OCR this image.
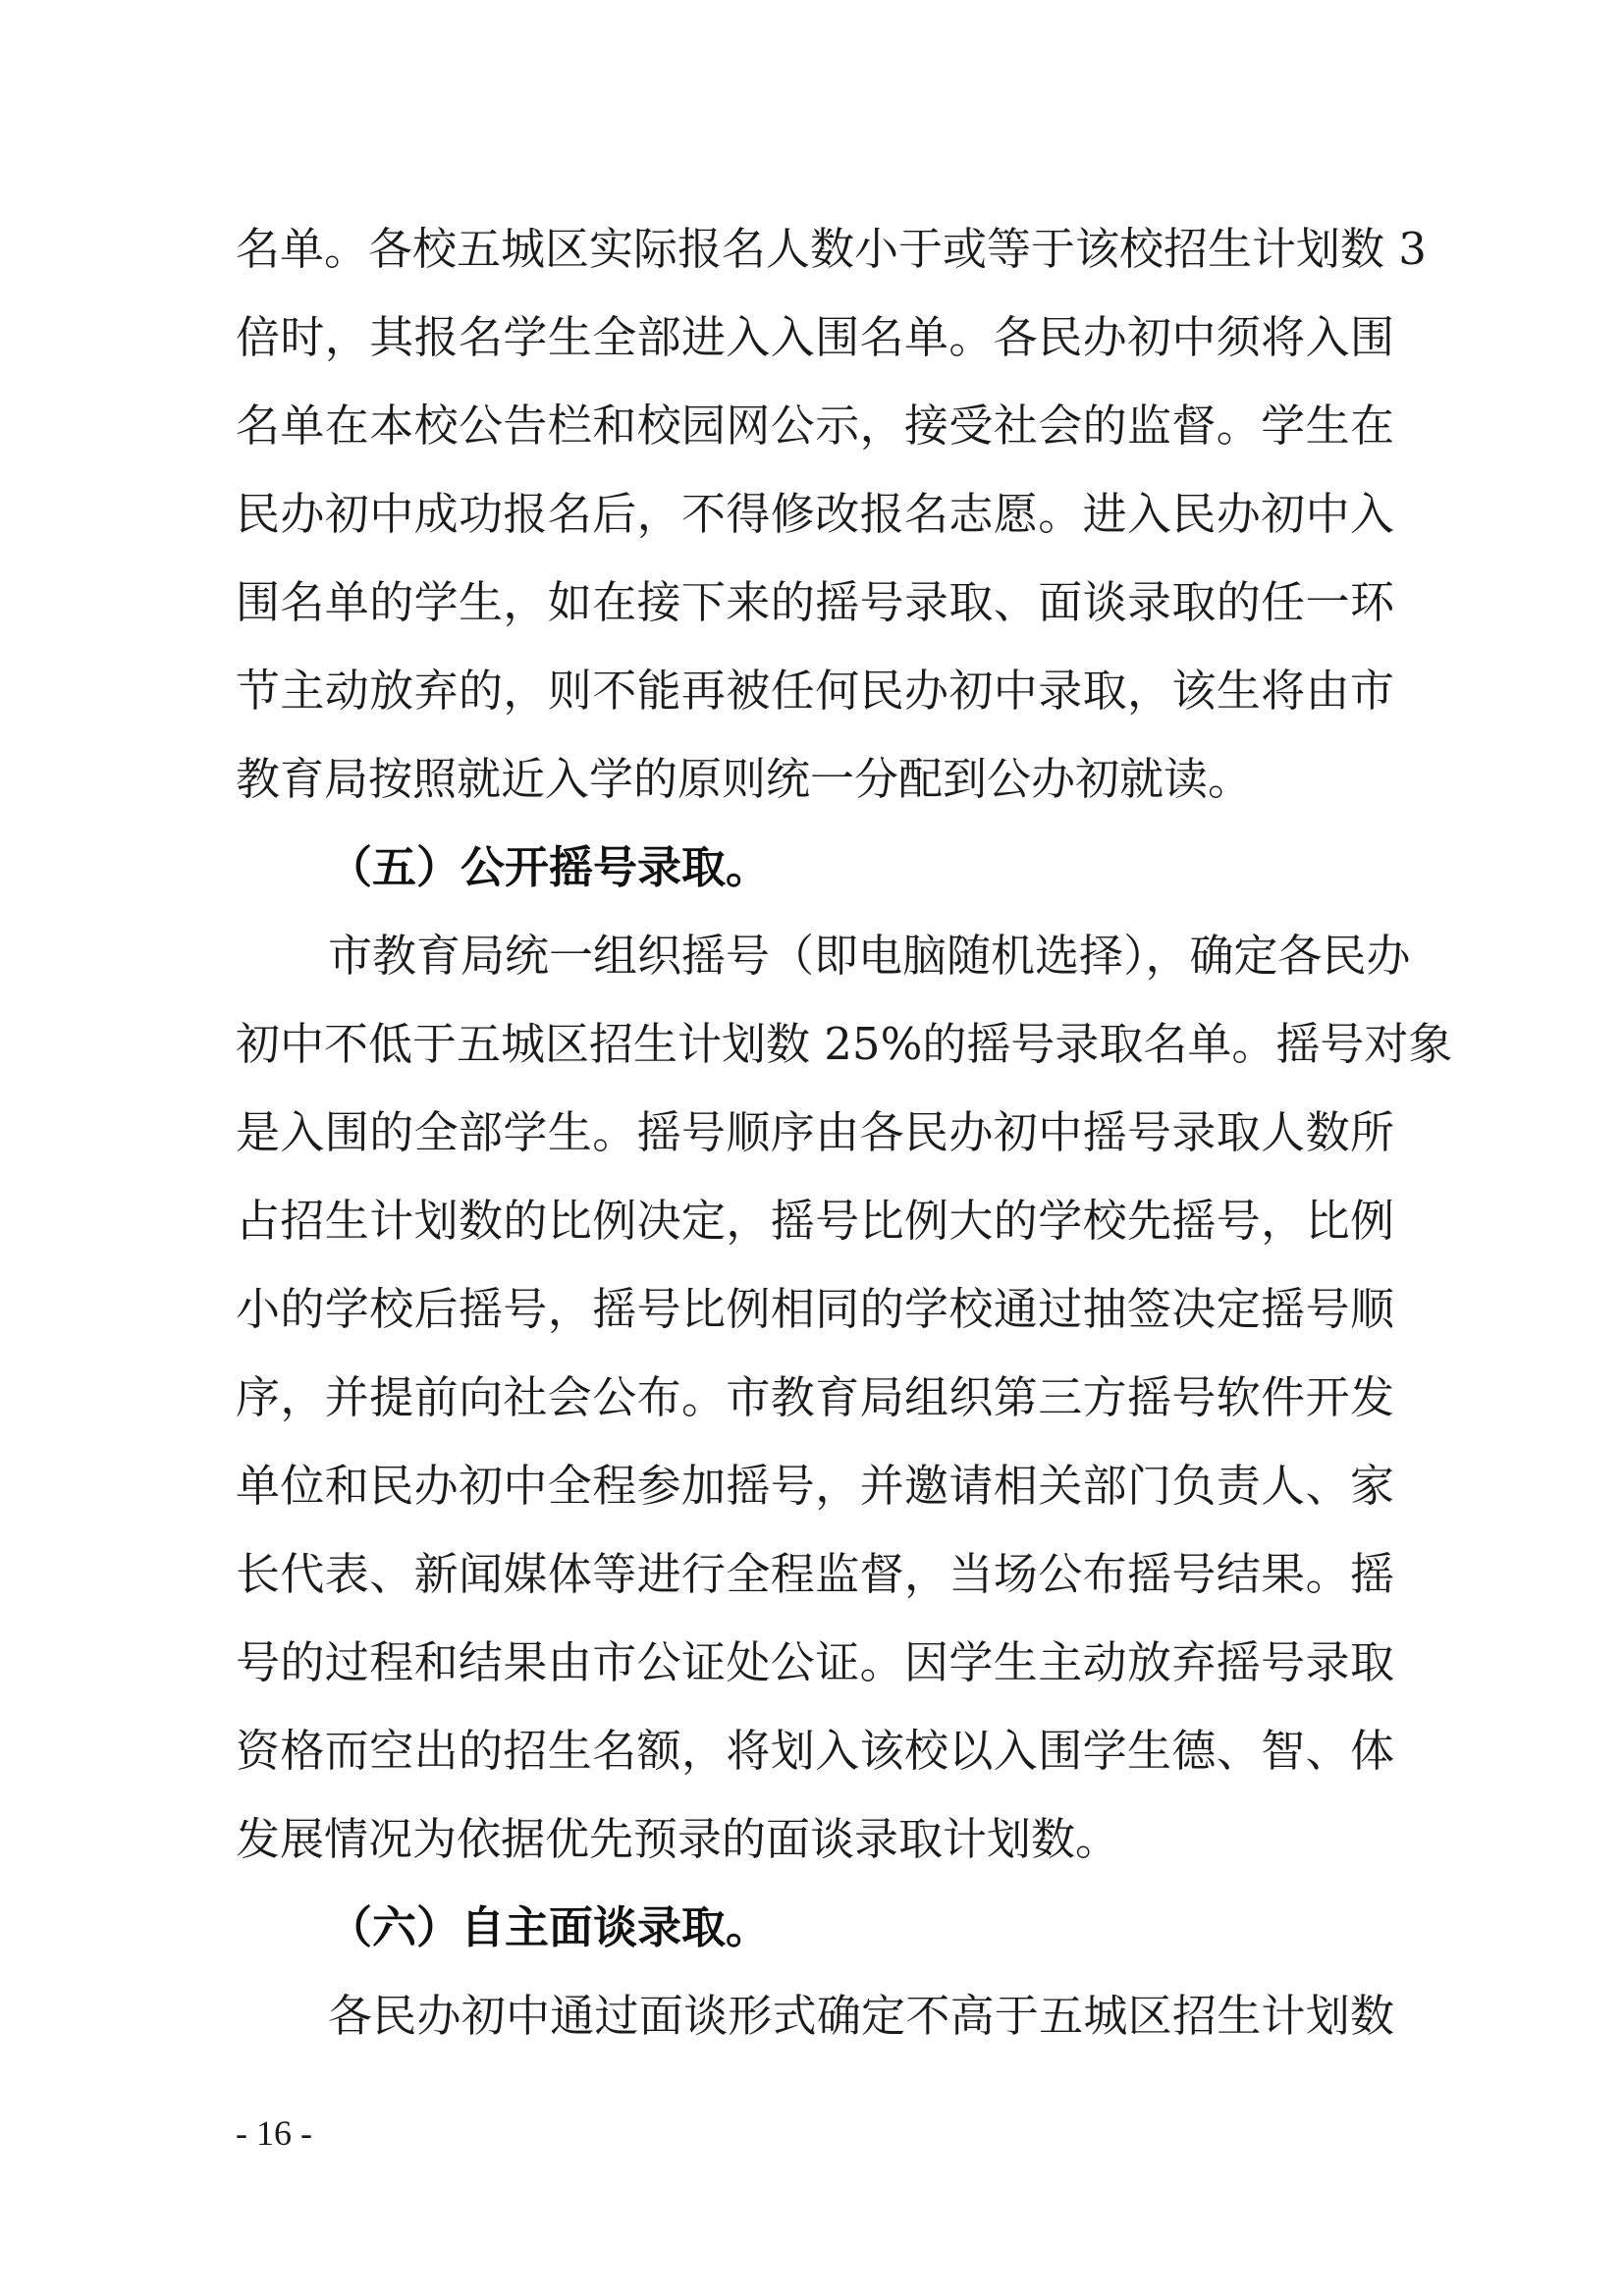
名单。各校五城区实际报名人数小于或等于该校招生计划数 3
倍时，其报名学生全部进入入围名单。各民办初中须将入围
名单在本校公告栏和校园网公示，接受社会的监督。学生在
民办初中成功报名后，不得修改报名志愿。进入民办初中入
围名单的学生，如在接下来的摇号录取、面谈录取的任一环
节主动放弃的，则不能再被任何民办初中录取，该生将由市
教育局按照就近入学的原则统一分配到公办初就读。
（五）公开摇号录取。
市教育局统一组织摇号（即电脑随机选择），确定各民办
初中不低于五城区招生计划数 25%的摇号录取名单。摇号对象
是入围的全部学生。摇号顺序由各民办初中摇号录取人数所
占招生计划数的比例决定，摇号比例大的学校先摇号，比例
小的学校后摇号，摇号比例相同的学校通过抽签决定摇号顺
序，并提前向社会公布。市教育局组织第三方摇号软件开发
单位和民办初中全程参加摇号，并邀请相关部门负责人、家
长代表、新闻媒体等进行全程监督，当场公布摇号结果。摇
号的过程和结果由市公证处公证。因学生主动放弃摇号录取
资格而空出的招生名额，将划入该校以入围学生德、智、体
发展情况为依据优先预录的面谈录取计划数。
（六）自主面谈录取。
各民办初中通过面谈形式确定不高于五城区招生计划数
- 16 -
